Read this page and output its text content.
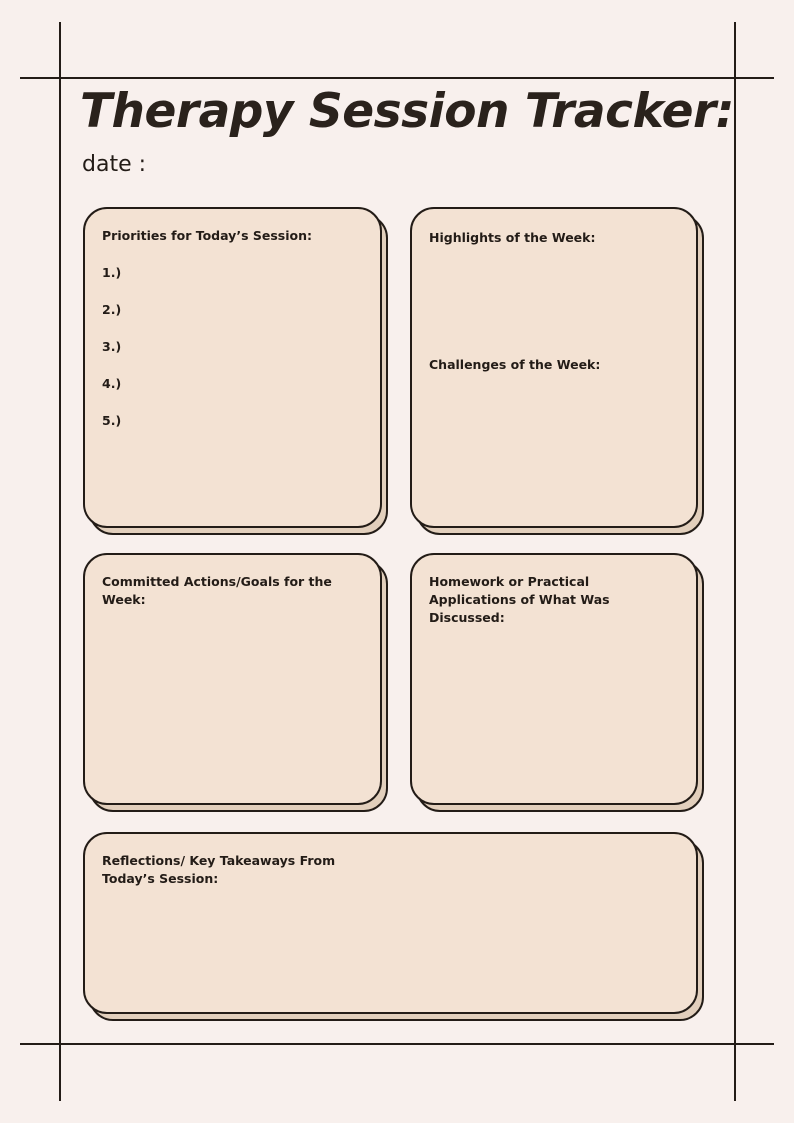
Therapy Session Tracker:
date :

Priorities for Today’s Session:

1.)
2.)
3.)
4.)
5.)

Highlights of the Week:

Challenges of the Week:

Committed Actions/Goals for the Week:

Homework or Practical Applications of What Was Discussed:

Reflections/ Key Takeaways From Today’s Session:
